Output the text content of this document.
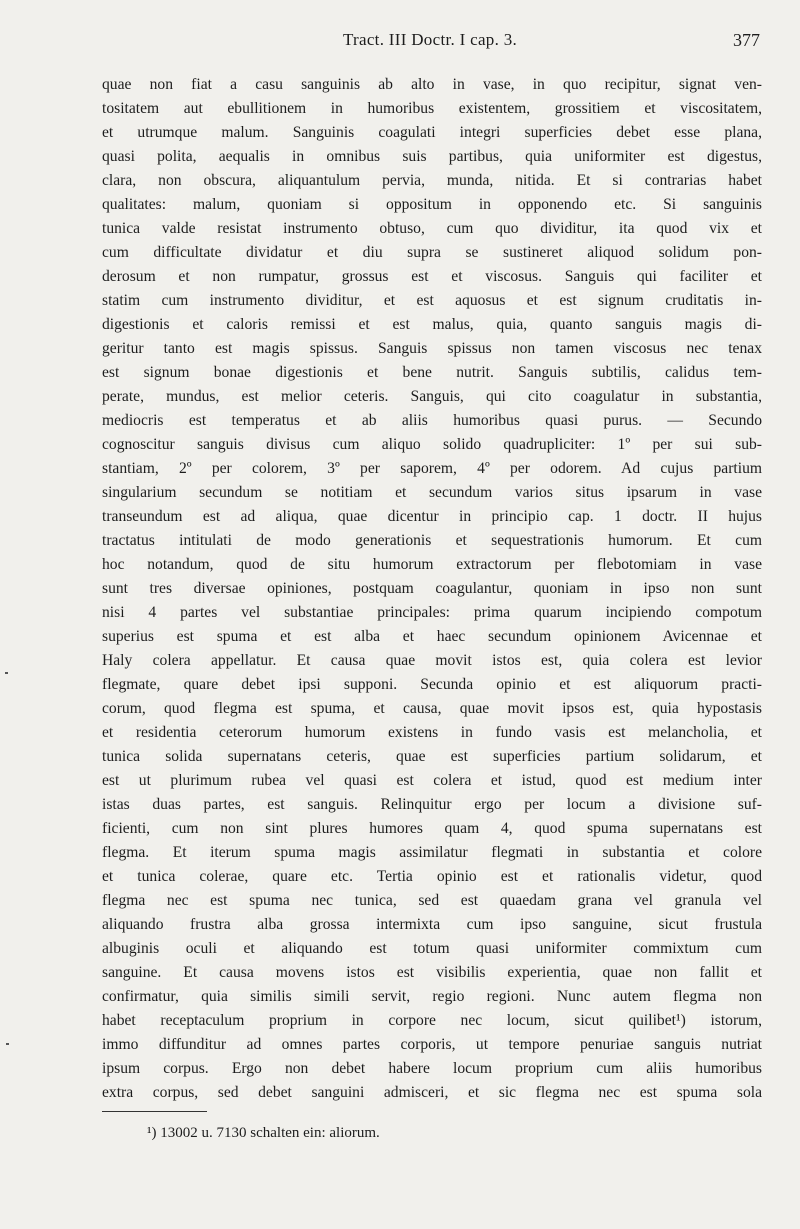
Tract. III Doctr. I cap. 3.	377
quae non fiat a casu sanguinis ab alto in vase, in quo recipitur, signat ven-
tositatem aut ebullitionem in humoribus existentem, grossitiem et viscositatem,
et utrumque malum. Sanguinis coagulati integri superficies debet esse plana,
quasi polita, aequalis in omnibus suis partibus, quia uniformiter est digestus,
clara, non obscura, aliquantulum pervia, munda, nitida. Et si contrarias habet
qualitates: malum, quoniam si oppositum in opponendo etc. Si sanguinis
tunica valde resistat instrumento obtuso, cum quo dividitur, ita quod vix et
cum difficultate dividatur et diu supra se sustineret aliquod solidum pon-
derosum et non rumpatur, grossus est et viscosus. Sanguis qui faciliter et
statim cum instrumento dividitur, et est aquosus et est signum cruditatis in-
digestionis et caloris remissi et est malus, quia, quanto sanguis magis di-
geritur tanto est magis spissus. Sanguis spissus non tamen viscosus nec tenax
est signum bonae digestionis et bene nutrit. Sanguis subtilis, calidus tem-
perate, mundus, est melior ceteris. Sanguis, qui cito coagulatur in substantia,
mediocris est temperatus et ab aliis humoribus quasi purus. — Secundo
cognoscitur sanguis divisus cum aliquo solido quadrupliciter: 1º per sui sub-
stantiam, 2º per colorem, 3º per saporem, 4º per odorem. Ad cujus partium
singularium secundum se notitiam et secundum varios situs ipsarum in vase
transeundum est ad aliqua, quae dicentur in principio cap. 1 doctr. II hujus
tractatus intitulati de modo generationis et sequestrationis humorum. Et cum
hoc notandum, quod de situ humorum extractorum per flebotomiam in vase
sunt tres diversae opiniones, postquam coagulantur, quoniam in ipso non sunt
nisi 4 partes vel substantiae principales: prima quarum incipiendo compotum
superius est spuma et est alba et haec secundum opinionem Avicennae et
Haly colera appellatur. Et causa quae movit istos est, quia colera est levior
flegmate, quare debet ipsi supponi. Secunda opinio et est aliquorum practi-
corum, quod flegma est spuma, et causa, quae movit ipsos est, quia hypostasis
et residentia ceterorum humorum existens in fundo vasis est melancholia, et
tunica solida supernatans ceteris, quae est superficies partium solidarum, et
est ut plurimum rubea vel quasi est colera et istud, quod est medium inter
istas duas partes, est sanguis. Relinquitur ergo per locum a divisione suf-
ficienti, cum non sint plures humores quam 4, quod spuma supernatans est
flegma. Et iterum spuma magis assimilatur flegmati in substantia et colore
et tunica colerae, quare etc. Tertia opinio est et rationalis videtur, quod
flegma nec est spuma nec tunica, sed est quaedam grana vel granula vel
aliquando frustra alba grossa intermixta cum ipso sanguine, sicut frustula
albuginis oculi et aliquando est totum quasi uniformiter commixtum cum
sanguine. Et causa movens istos est visibilis experientia, quae non fallit et
confirmatur, quia similis simili servit, regio regioni. Nunc autem flegma non
habet receptaculum proprium in corpore nec locum, sicut quilibet¹) istorum,
immo diffunditur ad omnes partes corporis, ut tempore penuriae sanguis nutriat
ipsum corpus. Ergo non debet habere locum proprium cum aliis humoribus
extra corpus, sed debet sanguini admisceri, et sic flegma nec est spuma sola
¹) 13002 u. 7130 schalten ein: aliorum.
